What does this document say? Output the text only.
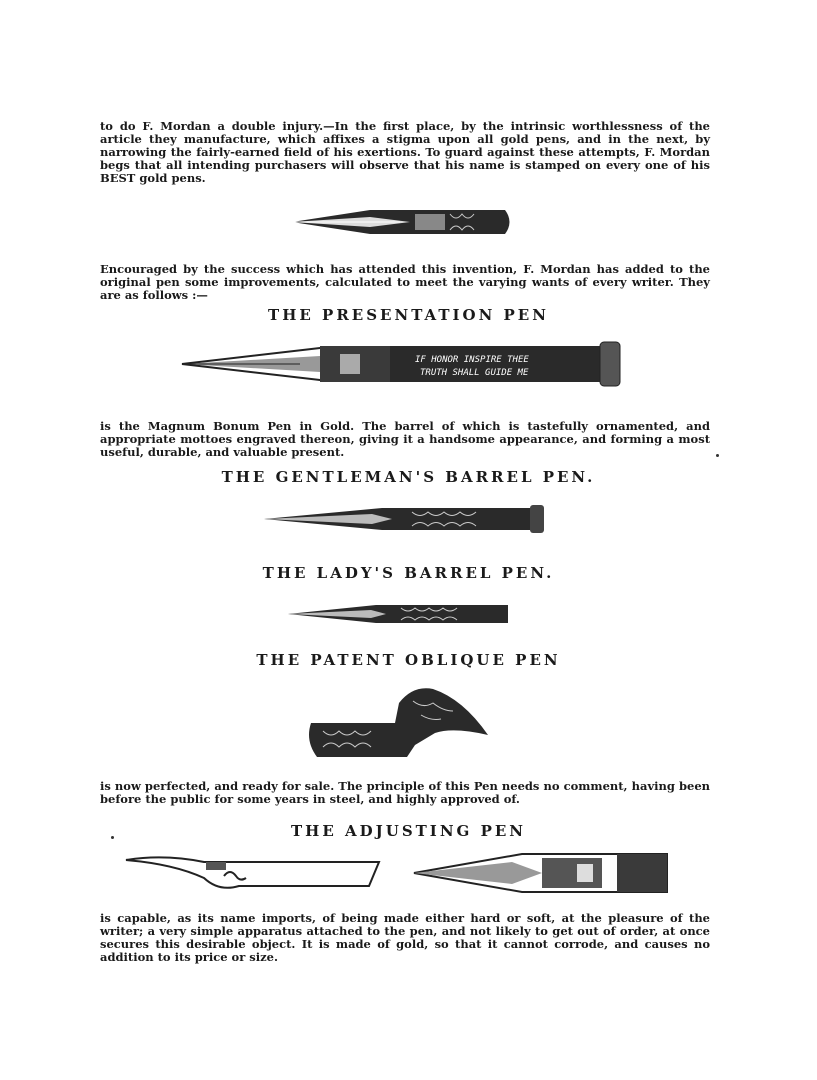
to do F. Mordan a double injury.—In the first place, by the intrinsic worthlessness of the article they manufacture, which affixes a stigma upon all gold pens, and in the next, by narrowing the fairly-earned field of his exertions. To guard against these attempts, F. Mordan begs that all intending purchasers will observe that his name is stamped on every one of his BEST gold pens.

Encouraged by the success which has attended this invention, F. Mordan has added to the original pen some improvements, calculated to meet the varying wants of every writer. They are as follows :—

THE PRESENTATION PEN
IF HONOR INSPIRE THEE
TRUTH SHALL GUIDE ME

is the Magnum Bonum Pen in Gold. The barrel of which is tastefully ornamented, and appropriate mottoes engraved thereon, giving it a handsome appearance, and forming a most useful, durable, and valuable present.

THE GENTLEMAN'S BARREL PEN.
THE LADY'S BARREL PEN.
THE PATENT OBLIQUE PEN

is now perfected, and ready for sale. The principle of this Pen needs no comment, having been before the public for some years in steel, and highly approved of.

THE ADJUSTING PEN

is capable, as its name imports, of being made either hard or soft, at the pleasure of the writer; a very simple apparatus attached to the pen, and not likely to get out of order, at once secures this desirable object. It is made of gold, so that it cannot corrode, and causes no addition to its price or size.
